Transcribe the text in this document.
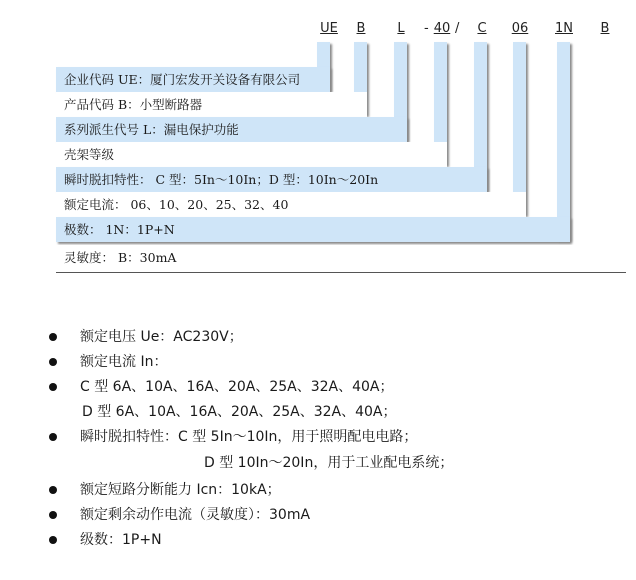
UE	B L - 40 / C 06 1N B
企业代码 UE：厦门宏发开关设备有限公司
产品代码 B：小型断路器
系列派生代号 L：漏电保护功能
壳架等级
瞬时脱扣特性： C 型：5In～10In；D 型：10In～20In
额定电流： 06、10、20、25、32、40
极数： 1N：1P+N
灵敏度： B：30mA
额定电压 Ue：AC230V；
额定电流 In：
C 型 6A、10A、16A、20A、25A、32A、40A；
D 型 6A、10A、16A、20A、25A、32A、40A；
瞬时脱扣特性：C 型 5In～10In，用于照明配电电路；
D 型 10In～20In，用于工业配电系统；
额定短路分断能力 Icn：10kA；
额定剩余动作电流（灵敏度）：30mA
级数：1P+N
